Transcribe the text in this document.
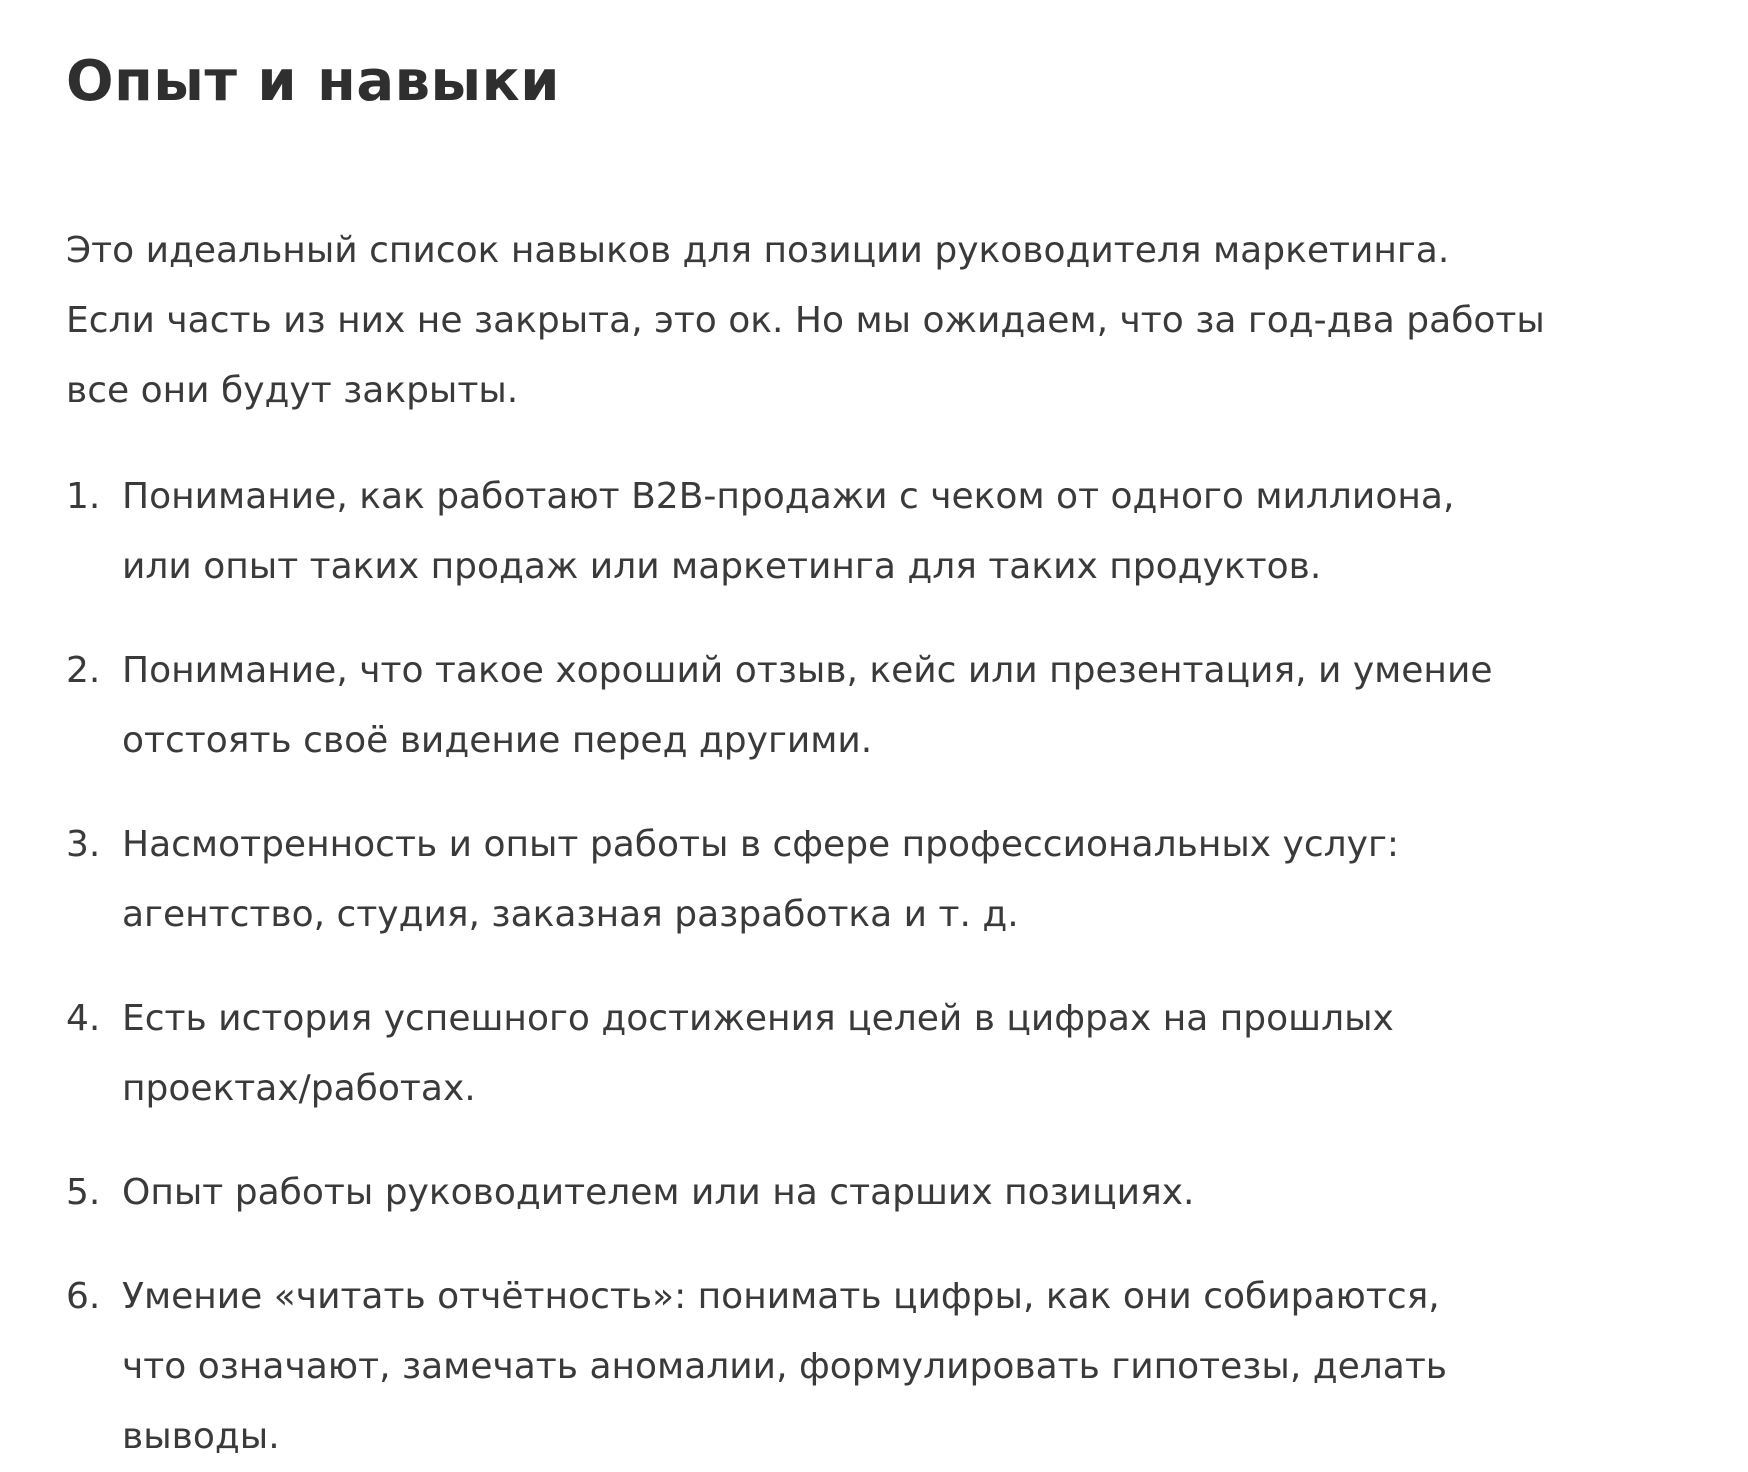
Опыт и навыки

Это идеальный список навыков для позиции руководителя маркетинга.
Если часть из них не закрыта, это ок. Но мы ожидаем, что за год-два работы
все они будут закрыты.

1. Понимание, как работают B2B-продажи с чеком от одного миллиона,
или опыт таких продаж или маркетинга для таких продуктов.
2. Понимание, что такое хороший отзыв, кейс или презентация, и умение
отстоять своё видение перед другими.
3. Насмотренность и опыт работы в сфере профессиональных услуг:
агентство, студия, заказная разработка и т. д.
4. Есть история успешного достижения целей в цифрах на прошлых
проектах/работах.
5. Опыт работы руководителем или на старших позициях.
6. Умение «читать отчётность»: понимать цифры, как они собираются,
что означают, замечать аномалии, формулировать гипотезы, делать
выводы.
